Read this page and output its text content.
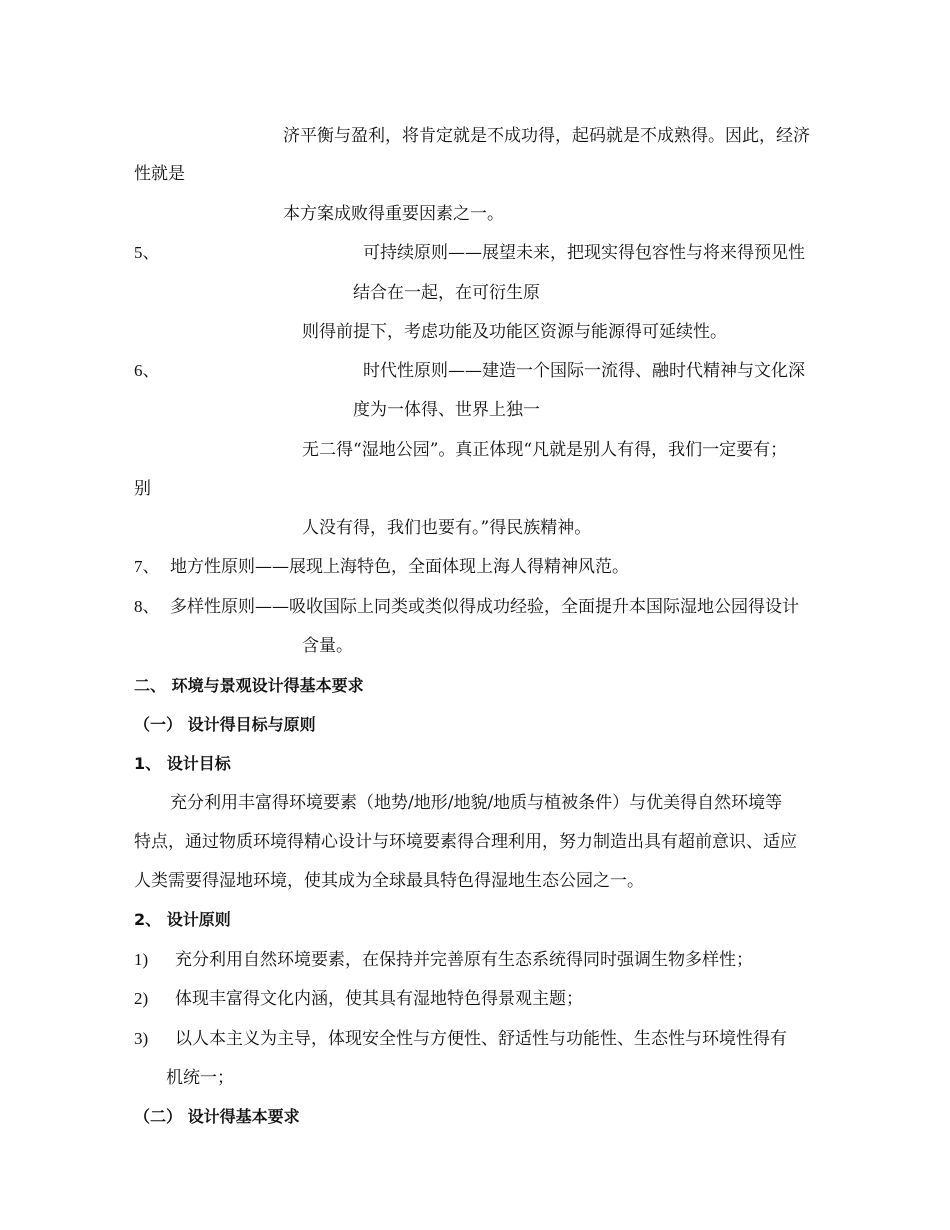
济平衡与盈利，将肯定就是不成功得，起码就是不成熟得。因此，经济
性就是
本方案成败得重要因素之一。
5、	可持续原则——展望未来，把现实得包容性与将来得预见性
结合在一起，在可衍生原
则得前提下，考虑功能及功能区资源与能源得可延续性。
6、	时代性原则——建造一个国际一流得、融时代精神与文化深
度为一体得、世界上独一
无二得“湿地公园”。真正体现“凡就是别人有得，我们一定要有；
别
人没有得，我们也要有。”得民族精神。
7、 地方性原则——展现上海特色，全面体现上海人得精神风范。
8、 多样性原则——吸收国际上同类或类似得成功经验，全面提升本国际湿地公园得设计
含量。
二、 环境与景观设计得基本要求
（一） 设计得目标与原则
1、 设计目标
充分利用丰富得环境要素（地势/地形/地貌/地质与植被条件）与优美得自然环境等
特点，通过物质环境得精心设计与环境要素得合理利用，努力制造出具有超前意识、适应
人类需要得湿地环境，使其成为全球最具特色得湿地生态公园之一。
2、 设计原则
1) 充分利用自然环境要素，在保持并完善原有生态系统得同时强调生物多样性；
2) 体现丰富得文化内涵，使其具有湿地特色得景观主题；
3) 以人本主义为主导，体现安全性与方便性、舒适性与功能性、生态性与环境性得有
机统一；
（二） 设计得基本要求
